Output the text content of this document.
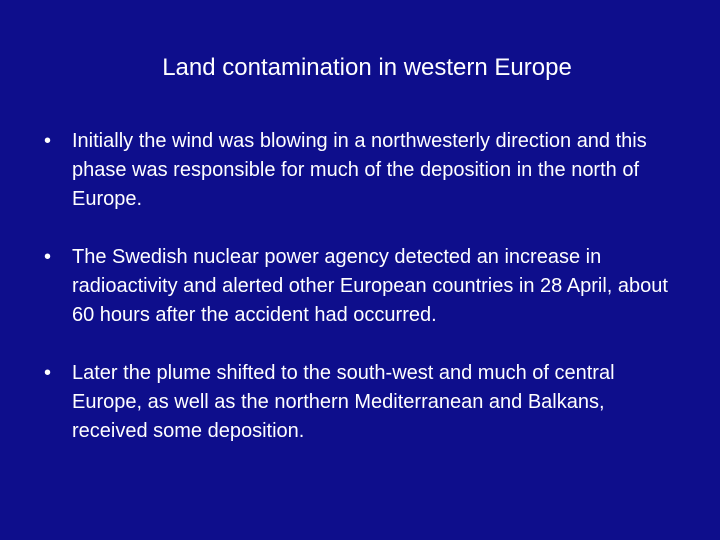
Land contamination in western Europe
•	Initially the wind was blowing in a northwesterly direction and this phase was responsible for much of the deposition in the north of Europe.
•	The Swedish nuclear power agency detected an increase in radioactivity and alerted other European countries in 28 April, about 60 hours after the accident had occurred.
•	Later the plume shifted to the south-west and much of central Europe, as well as the northern Mediterranean and Balkans, received some deposition.
